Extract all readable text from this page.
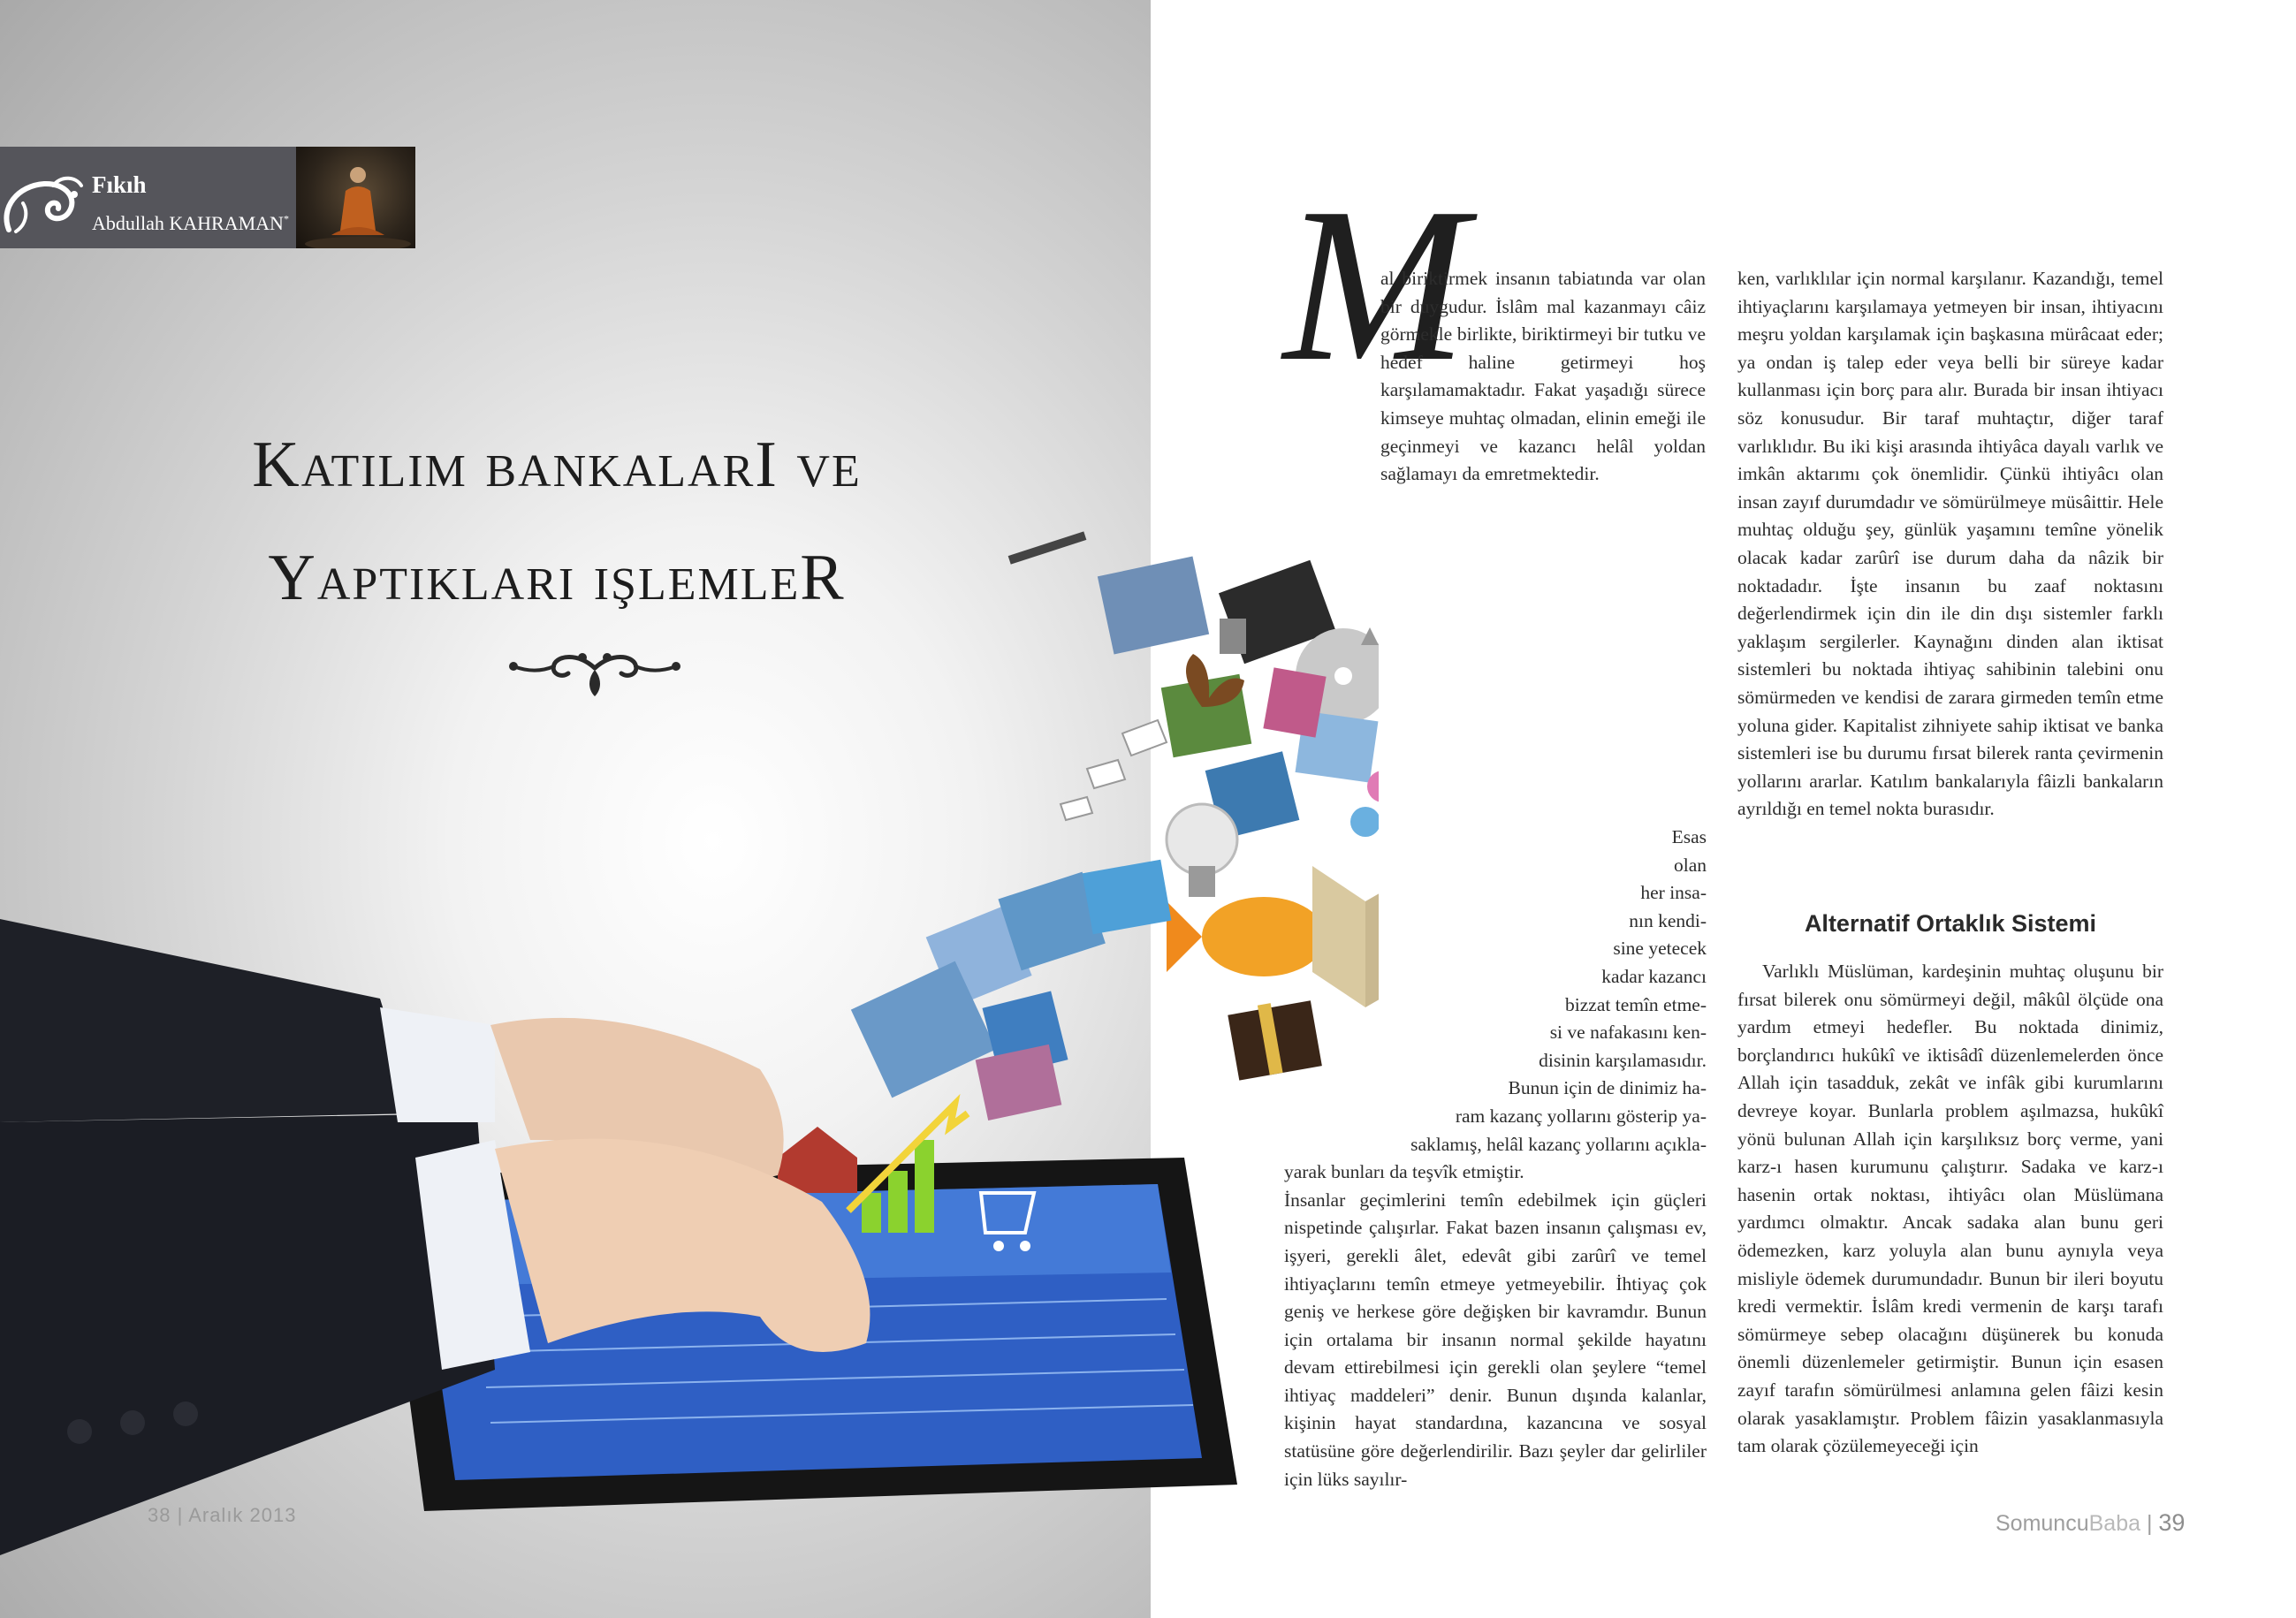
Fıkıh
Abdullah KAHRAMAN*
Katılım bankalarI ve
Yaptıkları işlemleR
38 | Aralık 2013
M

al biriktirmek insanın tabiatında var olan bir duygudur. İslâm mal kazanmayı câiz görmekle birlikte, biriktirmeyi bir tutku ve hedef haline getirmeyi hoş karşılamamaktadır. Fakat yaşadığı sürece kimseye muhtaç olmadan, elinin emeği ile geçinmeyi ve kazancı helâl yoldan sağlamayı da emretmektedir.

Esas
olan
her insa-
nın kendi-
sine yetecek
kadar kazancı
bizzat temîn etme-
si ve nafakasını ken-
disinin karşılamasıdır.
Bunun için de dinimiz ha-
ram kazanç yollarını gösterip ya-
saklamış, helâl kazanç yollarını açıkla-
yarak bunları da teşvîk etmiştir.

İnsanlar geçimlerini temîn edebilmek için güçleri nispetinde çalışırlar. Fakat bazen insanın çalışması ev, işyeri, gerekli âlet, edevât gibi zarûrî ve temel ihtiyaçlarını temîn etmeye yetmeyebilir. İhtiyaç çok geniş ve herkese göre değişken bir kavramdır. Bunun için ortalama bir insanın normal şekilde hayatını devam ettirebilmesi için gerekli olan şeylere “temel ihtiyaç maddeleri” denir. Bunun dışında kalanlar, kişinin hayat standardına, kazancına ve sosyal statüsüne göre değerlendirilir. Bazı şeyler dar gelirliler için lüks sayılır-

ken, varlıklılar için normal karşılanır. Kazandığı, temel ihtiyaçlarını karşılamaya yetmeyen bir insan, ihtiyacını meşru yoldan karşılamak için başkasına mürâcaat eder; ya ondan iş talep eder veya belli bir süreye kadar kullanması için borç para alır. Burada bir insan ihtiyacı söz konusudur. Bir taraf muhtaçtır, diğer taraf varlıklıdır. Bu iki kişi arasında ihtiyâca dayalı varlık ve imkân aktarımı çok önemlidir. Çünkü ihtiyâcı olan insan zayıf durumdadır ve sömürülmeye müsâittir. Hele muhtaç olduğu şey, günlük yaşamını temîne yönelik olacak kadar zarûrî ise durum daha da nâzik bir noktadadır. İşte insanın bu zaaf noktasını değerlendirmek için din ile din dışı sistemler farklı yaklaşım sergilerler. Kaynağını dinden alan iktisat sistemleri bu noktada ihtiyaç sahibinin talebini onu sömürmeden ve kendisi de zarara girmeden temîn etme yoluna gider. Kapitalist zihniyete sahip iktisat ve banka sistemleri ise bu durumu fırsat bilerek ranta çevirmenin yollarını ararlar. Katılım bankalarıyla fâizli bankaların ayrıldığı en temel nokta burasıdır.

Alternatif Ortaklık Sistemi

Varlıklı Müslüman, kardeşinin muhtaç oluşunu bir fırsat bilerek onu sömürmeyi değil, mâkûl ölçüde ona yardım etmeyi hedefler. Bu noktada dinimiz, borçlandırıcı hukûkî ve iktisâdî düzenlemelerden önce Allah için tasadduk, zekât ve infâk gibi kurumlarını devreye koyar. Bunlarla problem aşılmazsa, hukûkî yönü bulunan Allah için karşılıksız borç verme, yani karz-ı hasen kurumunu çalıştırır. Sadaka ve karz-ı hasenin ortak noktası, ihtiyâcı olan Müslümana yardımcı olmaktır. Ancak sadaka alan bunu geri ödemezken, karz yoluyla alan bunu aynıyla veya misliyle ödemek durumundadır. Bunun bir ileri boyutu kredi vermektir. İslâm kredi vermenin de karşı tarafı sömürmeye sebep olacağını düşünerek bu konuda önemli düzenlemeler getirmiştir. Bunun için esasen zayıf tarafın sömürülmesi anlamına gelen fâizi kesin olarak yasaklamıştır. Problem fâizin yasaklanmasıyla tam olarak çözülemeyeceği için

SomuncuBaba | 39
